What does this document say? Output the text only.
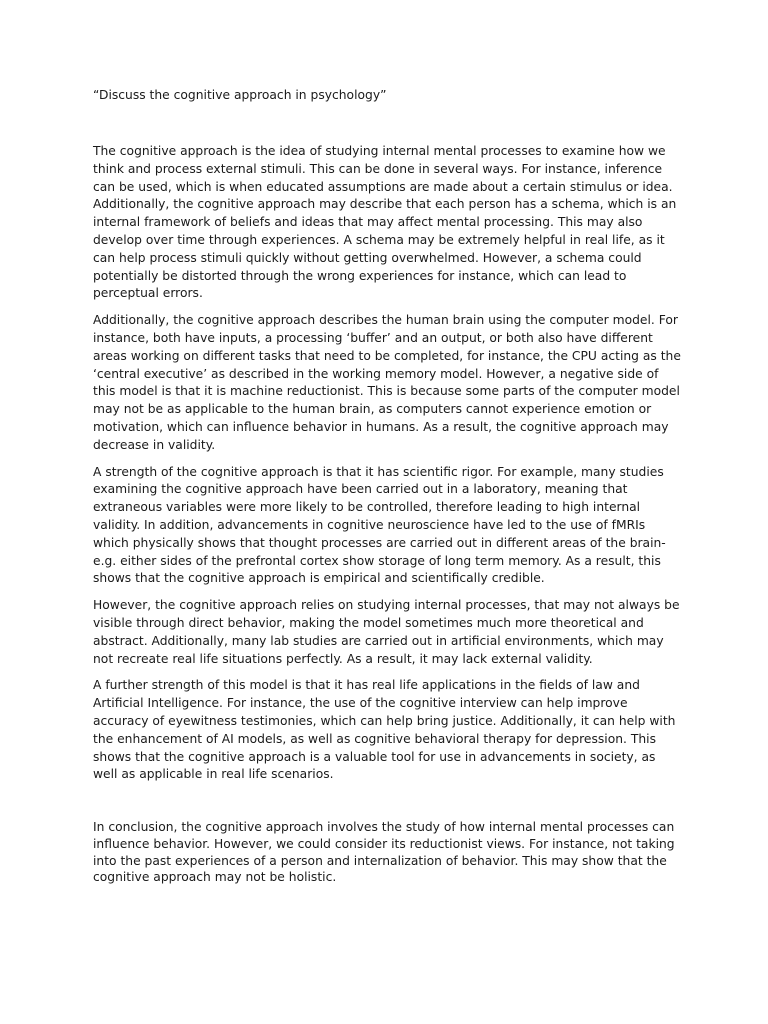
“Discuss the cognitive approach in psychology”

The cognitive approach is the idea of studying internal mental processes to examine how we think and process external stimuli. This can be done in several ways. For instance, inference can be used, which is when educated assumptions are made about a certain stimulus or idea. Additionally, the cognitive approach may describe that each person has a schema, which is an internal framework of beliefs and ideas that may affect mental processing. This may also develop over time through experiences. A schema may be extremely helpful in real life, as it can help process stimuli quickly without getting overwhelmed. However, a schema could potentially be distorted through the wrong experiences for instance, which can lead to perceptual errors.

Additionally, the cognitive approach describes the human brain using the computer model. For instance, both have inputs, a processing ‘buffer’ and an output, or both also have different areas working on different tasks that need to be completed, for instance, the CPU acting as the ‘central executive’ as described in the working memory model. However, a negative side of this model is that it is machine reductionist. This is because some parts of the computer model may not be as applicable to the human brain, as computers cannot experience emotion or motivation, which can influence behavior in humans. As a result, the cognitive approach may decrease in validity.

A strength of the cognitive approach is that it has scientific rigor. For example, many studies examining the cognitive approach have been carried out in a laboratory, meaning that extraneous variables were more likely to be controlled, therefore leading to high internal validity. In addition, advancements in cognitive neuroscience have led to the use of fMRIs which physically shows that thought processes are carried out in different areas of the brain- e.g. either sides of the prefrontal cortex show storage of long term memory. As a result, this shows that the cognitive approach is empirical and scientifically credible.

However, the cognitive approach relies on studying internal processes, that may not always be visible through direct behavior, making the model sometimes much more theoretical and abstract. Additionally, many lab studies are carried out in artificial environments, which may not recreate real life situations perfectly. As a result, it may lack external validity.

A further strength of this model is that it has real life applications in the fields of law and Artificial Intelligence. For instance, the use of the cognitive interview can help improve accuracy of eyewitness testimonies, which can help bring justice. Additionally, it can help with the enhancement of AI models, as well as cognitive behavioral therapy for depression. This shows that the cognitive approach is a valuable tool for use in advancements in society, as well as applicable in real life scenarios.

In conclusion, the cognitive approach involves the study of how internal mental processes can influence behavior. However, we could consider its reductionist views. For instance, not taking into the past experiences of a person and internalization of behavior. This may show that the cognitive approach may not be holistic.
